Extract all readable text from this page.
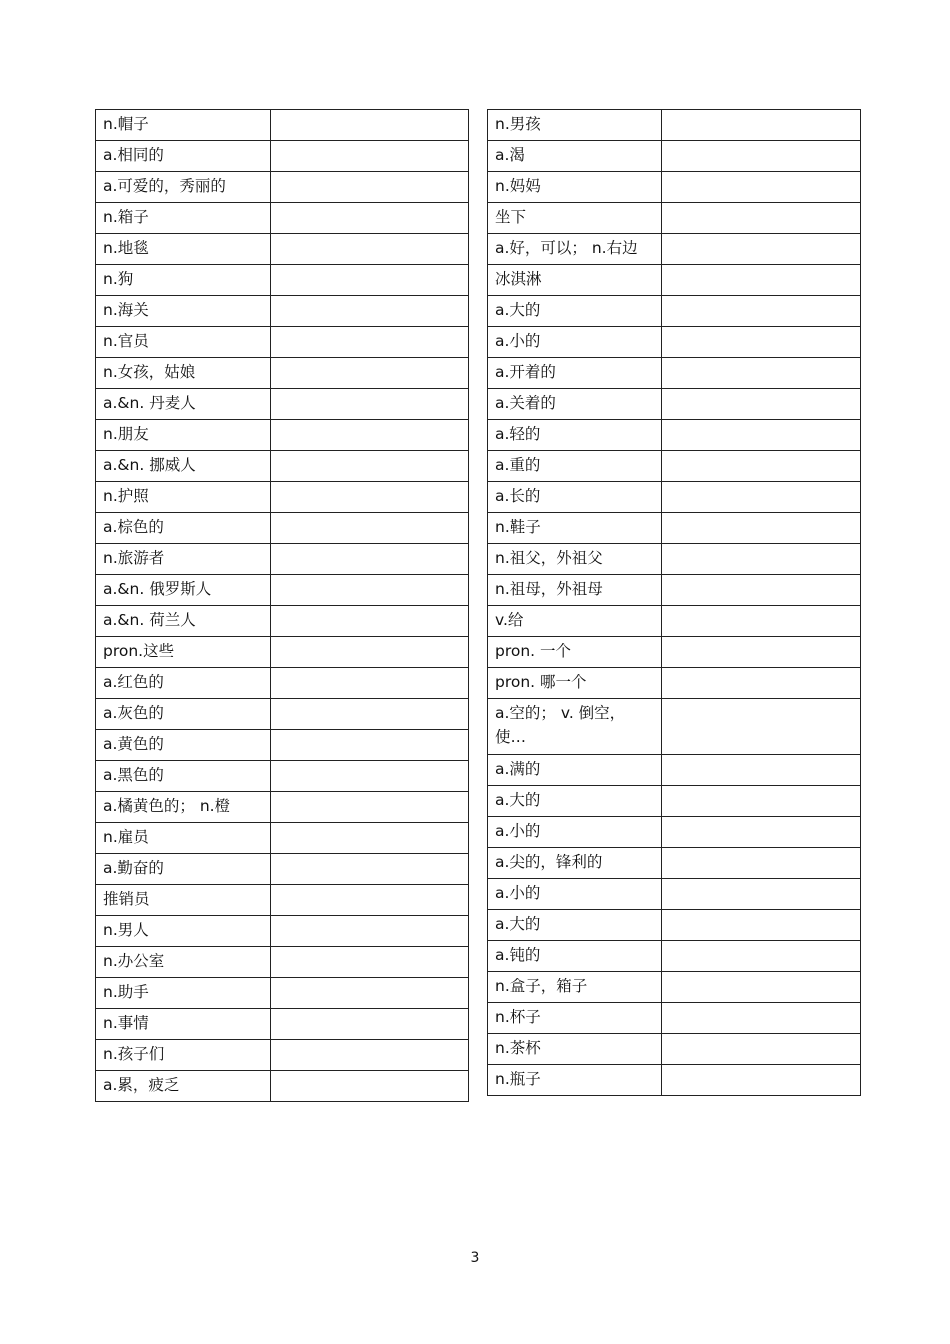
n.帽子	
a.相同的	
a.可爱的，秀丽的	
n.箱子	
n.地毯	
n.狗	
n.海关	
n.官员	
n.女孩，姑娘	
a.&n. 丹麦人	
n.朋友	
a.&n. 挪威人	
n.护照	
a.棕色的	
n.旅游者	
a.&n. 俄罗斯人	
a.&n. 荷兰人	
pron.这些	
a.红色的	
a.灰色的	
a.黄色的	
a.黑色的	
a.橘黄色的； n.橙	
n.雇员	
a.勤奋的	
推销员	
n.男人	
n.办公室	
n.助手	
n.事情	
n.孩子们	
a.累，疲乏	
n.男孩	
a.渴	
n.妈妈	
坐下	
a.好，可以； n.右边	
冰淇淋	
a.大的	
a.小的	
a.开着的	
a.关着的	
a.轻的	
a.重的	
a.长的	
n.鞋子	
n.祖父，外祖父	
n.祖母，外祖母	
v.给	
pron. 一个	
pron. 哪一个	
a.空的； v. 倒空，使…	
a.满的	
a.大的	
a.小的	
a.尖的，锋利的	
a.小的	
a.大的	
a.钝的	
n.盒子，箱子	
n.杯子	
n.茶杯	
n.瓶子	
3
